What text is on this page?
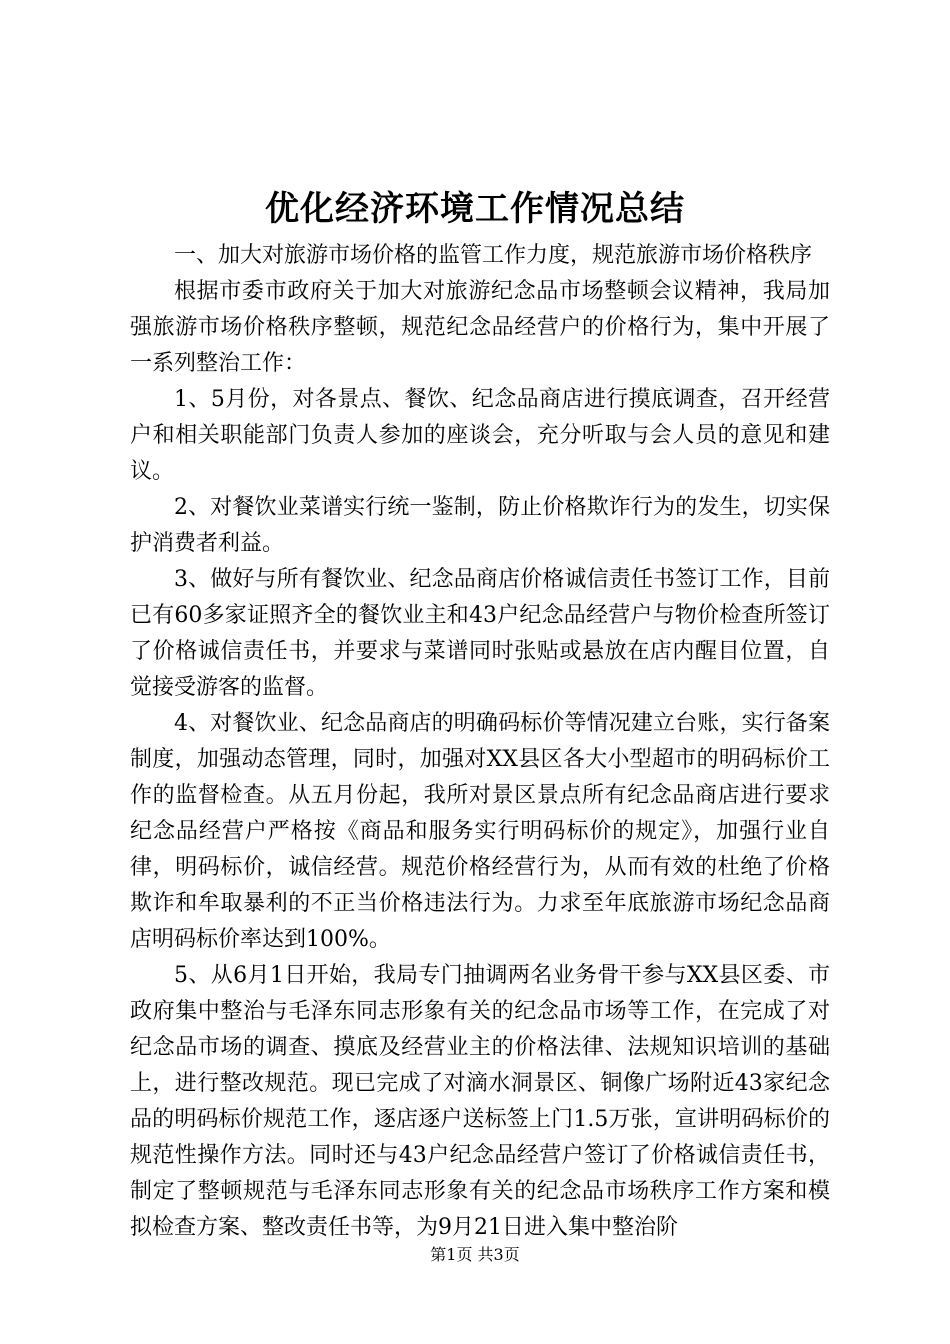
优化经济环境工作情况总结

一、加大对旅游市场价格的监管工作力度，规范旅游市场价格秩序

根据市委市政府关于加大对旅游纪念品市场整顿会议精神，我局加强旅游市场价格秩序整顿，规范纪念品经营户的价格行为，集中开展了一系列整治工作：

1、5月份，对各景点、餐饮、纪念品商店进行摸底调查，召开经营户和相关职能部门负责人参加的座谈会，充分听取与会人员的意见和建议。

2、对餐饮业菜谱实行统一鉴制，防止价格欺诈行为的发生，切实保护消费者利益。

3、做好与所有餐饮业、纪念品商店价格诚信责任书签订工作，目前已有60多家证照齐全的餐饮业主和43户纪念品经营户与物价检查所签订了价格诚信责任书，并要求与菜谱同时张贴或悬放在店内醒目位置，自觉接受游客的监督。

4、对餐饮业、纪念品商店的明确码标价等情况建立台账，实行备案制度，加强动态管理，同时，加强对XX县区各大小型超市的明码标价工作的监督检查。从五月份起，我所对景区景点所有纪念品商店进行要求纪念品经营户严格按《商品和服务实行明码标价的规定》，加强行业自律，明码标价，诚信经营。规范价格经营行为，从而有效的杜绝了价格欺诈和牟取暴利的不正当价格违法行为。力求至年底旅游市场纪念品商店明码标价率达到100%。

5、从6月1日开始，我局专门抽调两名业务骨干参与XX县区委、市政府集中整治与毛泽东同志形象有关的纪念品市场等工作，在完成了对纪念品市场的调查、摸底及经营业主的价格法律、法规知识培训的基础上，进行整改规范。现已完成了对滴水洞景区、铜像广场附近43家纪念品的明码标价规范工作，逐店逐户送标签上门1.5万张，宣讲明码标价的规范性操作方法。同时还与43户纪念品经营户签订了价格诚信责任书，制定了整顿规范与毛泽东同志形象有关的纪念品市场秩序工作方案和模拟检查方案、整改责任书等，为9月21日进入集中整治阶

第1页 共3页
